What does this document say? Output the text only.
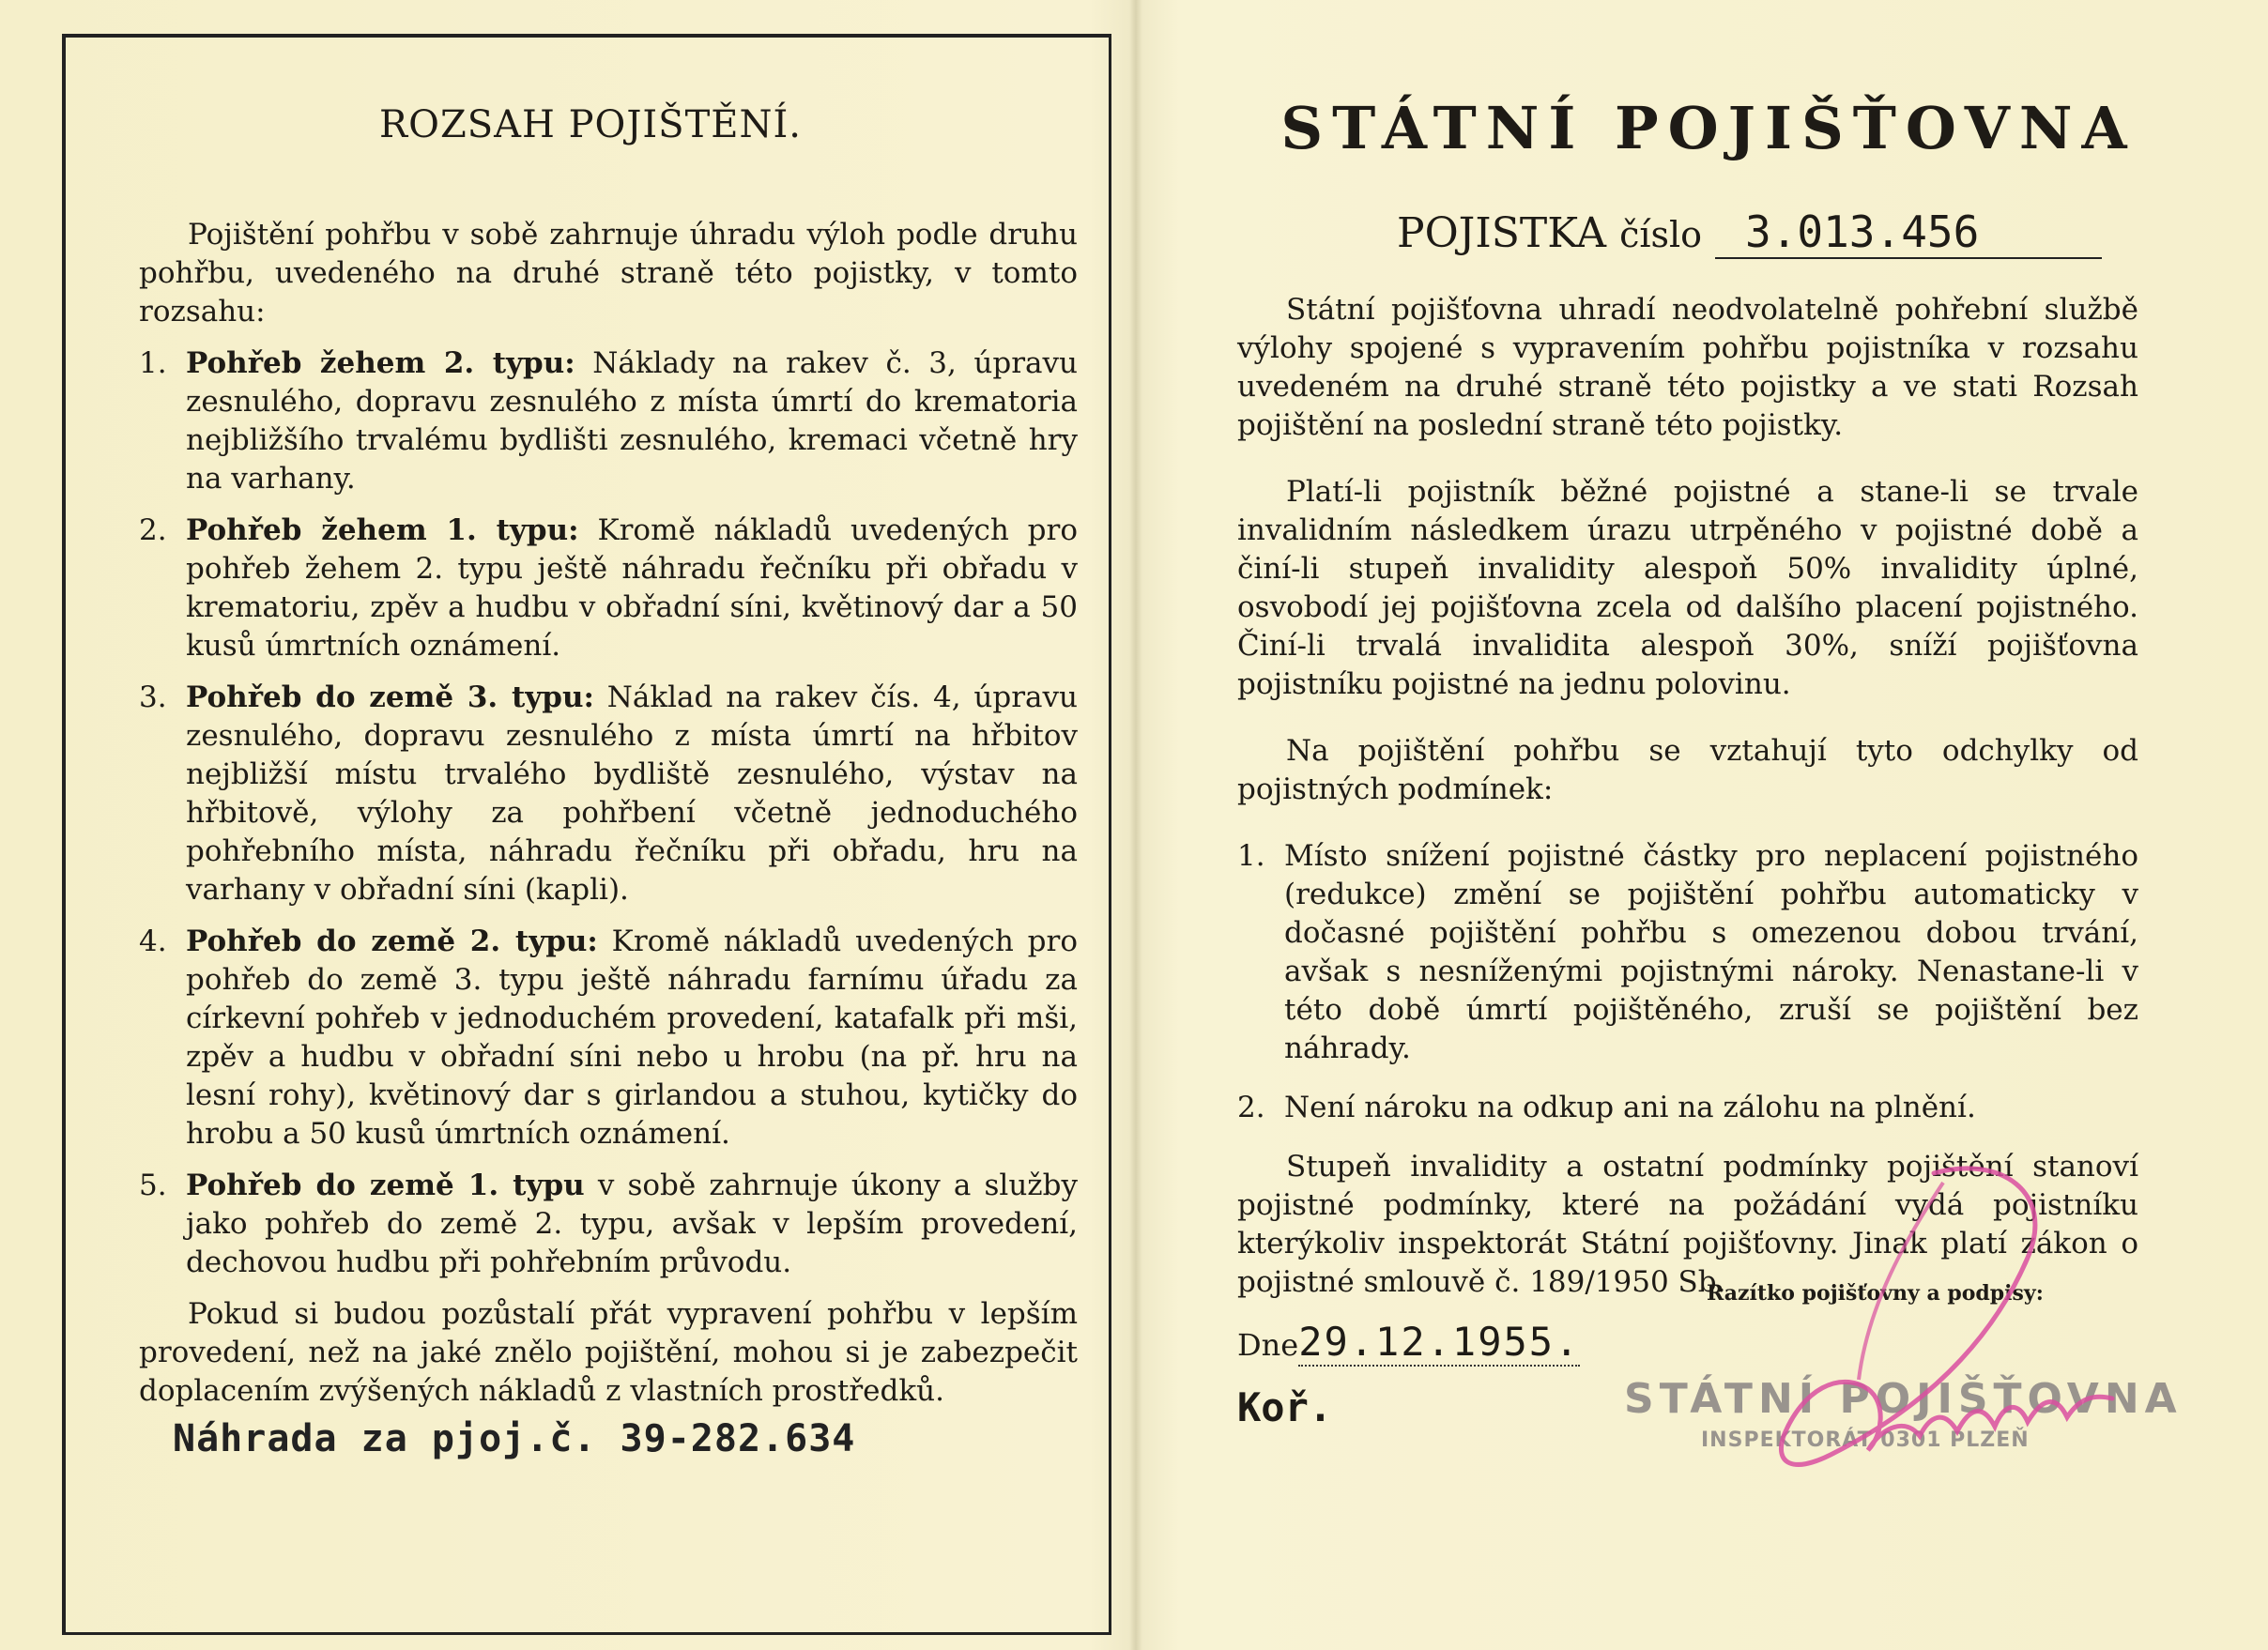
ROZSAH POJIŠTĚNÍ.

Pojištění pohřbu v sobě zahrnuje úhradu výloh podle druhu pohřbu, uvedeného na druhé straně této pojistky, v tomto rozsahu:

1. Pohřeb žehem 2. typu: Náklady na rakev č. 3, úpravu zesnulého, dopravu zesnulého z místa úmrtí do krematoria nejbližšího trvalému bydlišti zesnulého, kremaci včetně hry na varhany.
2. Pohřeb žehem 1. typu: Kromě nákladů uvedených pro pohřeb žehem 2. typu ještě náhradu řečníku při obřadu v krematoriu, zpěv a hudbu v obřadní síni, květinový dar a 50 kusů úmrtních oznámení.
3. Pohřeb do země 3. typu: Náklad na rakev čís. 4, úpravu zesnulého, dopravu zesnulého z místa úmrtí na hřbitov nejbližší místu trvalého bydliště zesnulého, výstav na hřbitově, výlohy za pohřbení včetně jednoduchého pohřebního místa, náhradu řečníku při obřadu, hru na varhany v obřadní síni (kapli).
4. Pohřeb do země 2. typu: Kromě nákladů uvedených pro pohřeb do země 3. typu ještě náhradu farnímu úřadu za církevní pohřeb v jednoduchém provedení, katafalk při mši, zpěv a hudbu v obřadní síni nebo u hrobu (na př. hru na lesní rohy), květinový dar s girlandou a stuhou, kytičky do hrobu a 50 kusů úmrtních oznámení.
5. Pohřeb do země 1. typu v sobě zahrnuje úkony a služby jako pohřeb do země 2. typu, avšak v lepším provedení, dechovou hudbu při pohřebním průvodu.

Pokud si budou pozůstalí přát vypravení pohřbu v lepším provedení, než na jaké znělo pojištění, mohou si je zabezpečit doplacením zvýšených nákladů z vlastních prostředků.

Náhrada za pjoj.č. 39-282.634
STÁTNÍ POJIŠŤOVNA
POJISTKA číslo 3.013.456

Státní pojišťovna uhradí neodvolatelně pohřební službě výlohy spojené s vypravením pohřbu pojistníka v rozsahu uvedeném na druhé straně této pojistky a ve stati Rozsah pojištění na poslední straně této pojistky.

Platí-li pojistník běžné pojistné a stane-li se trvale invalidním následkem úrazu utrpěného v pojistné době a činí-li stupeň invalidity alespoň 50% invalidity úplné, osvobodí jej pojišťovna zcela od dalšího placení pojistného. Činí-li trvalá invalidita alespoň 30%, sníží pojišťovna pojistníku pojistné na jednu polovinu.

Na pojištění pohřbu se vztahují tyto odchylky od pojistných podmínek:

1. Místo snížení pojistné částky pro neplacení pojistného (redukce) změní se pojištění pohřbu automaticky v dočasné pojištění pohřbu s omezenou dobou trvání, avšak s nesníženými pojistnými nároky. Nenastane-li v této době úmrtí pojištěného, zruší se pojištění bez náhrady.
2. Není nároku na odkup ani na zálohu na plnění.

Stupeň invalidity a ostatní podmínky pojištění stanoví pojistné podmínky, které na požádání vydá pojistníku kterýkoliv inspektorát Státní pojišťovny. Jinak platí zákon o pojistné smlouvě č. 189/1950 Sb.

Razítko pojišťovny a podpisy:
Dne29.12.1955.
Koř.	STÁTNÍ POJIŠŤOVNA
INSPEKTORÁT 0301 PLZEŇ
